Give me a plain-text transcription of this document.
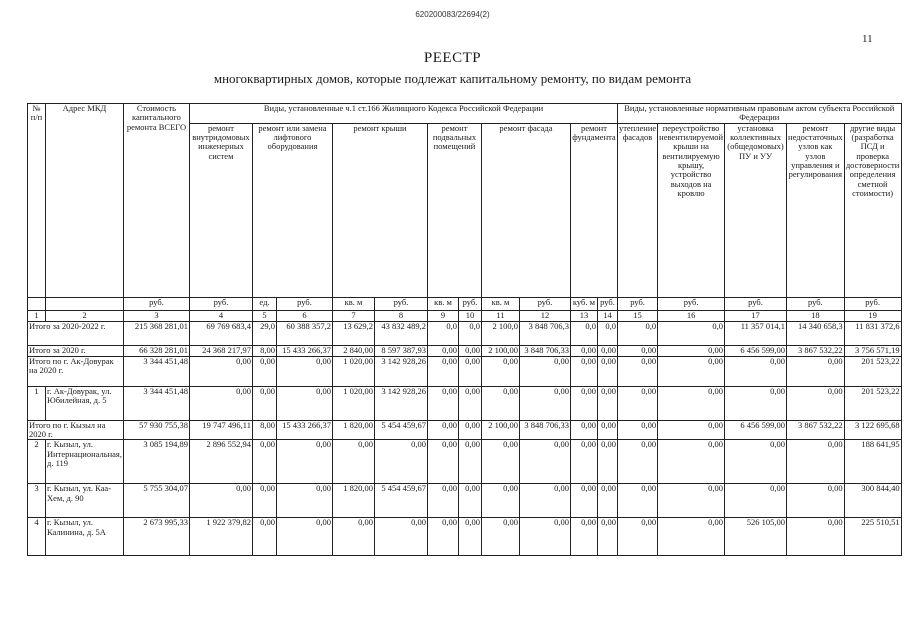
620200083/22694(2)
11
РЕЕСТР
многоквартирных домов, которые подлежат капитальному ремонту, по видам ремонта
№ п/п	Адрес МКД	Стоимость капитального ремонта ВСЕГО	Виды, установленные ч.1 ст.166 Жилищного Кодекса Российской Федерации											Виды, установленные нормативным правовым актом субъекта Российской Федерации				
			ремонт внутридомовых инженерных систем	ремонт или замена лифтового оборудования		ремонт крыши		ремонт подвальных помещений		ремонт фасада		ремонт фундамента		утепление фасадов	переустройство невентилируемой крыши на вентилируемую крышу, устройство выходов на кровлю	установка коллективных (общедомовых) ПУ и УУ	ремонт недостаточных узлов как узлов управления и регулирования	другие виды (разработка ПСД и проверка достоверности определения сметной стоимости)
		руб.	руб.	ед.	руб.	кв. м	руб.	кв. м	руб.	кв. м	руб.	куб. м	руб.	руб.	руб.	руб.	руб.	руб.
1	2	3	4	5	6	7	8	9	10	11	12	13	14	15	16	17	18	19
Итого за 2020-2022 г.		215 368 281,01	69 769 683,4	29,0	60 388 357,2	13 629,2	43 832 489,2	0,0	0,0	2 100,0	3 848 706,3	0,0	0,0	0,0	0,0	11 357 014,1	14 340 658,3	11 831 372,6
Итого за 2020 г.		66 328 281,01	24 368 217,97	8,00	15 433 266,37	2 840,00	8 597 387,93	0,00	0,00	2 100,00	3 848 706,33	0,00	0,00	0,00	0,00	6 456 599,00	3 867 532,22	3 756 571,19
Итого по г. Ак-Довурак на 2020 г.		3 344 451,48	0,00	0,00	0,00	1 020,00	3 142 928,26	0,00	0,00	0,00	0,00	0,00	0,00	0,00	0,00	0,00	0,00	201 523,22
1	г. Ак-Довурак, ул. Юбилейная, д. 5	3 344 451,48	0,00	0,00	0,00	1 020,00	3 142 928,26	0,00	0,00	0,00	0,00	0,00	0,00	0,00	0,00	0,00	0,00	201 523,22
Итого по г. Кызыл на 2020 г.		57 930 755,38	19 747 496,11	8,00	15 433 266,37	1 820,00	5 454 459,67	0,00	0,00	2 100,00	3 848 706,33	0,00	0,00	0,00	0,00	6 456 599,00	3 867 532,22	3 122 695,68
2	г. Кызыл, ул. Интернациональная, д. 119	3 085 194,89	2 896 552,94	0,00	0,00	0,00	0,00	0,00	0,00	0,00	0,00	0,00	0,00	0,00	0,00	0,00	0,00	188 641,95
3	г. Кызыл, ул. Каа-Хем, д. 90	5 755 304,07	0,00	0,00	0,00	1 820,00	5 454 459,67	0,00	0,00	0,00	0,00	0,00	0,00	0,00	0,00	0,00	0,00	300 844,40
4	г. Кызыл, ул. Калинина, д. 5А	2 673 995,33	1 922 379,82	0,00	0,00	0,00	0,00	0,00	0,00	0,00	0,00	0,00	0,00	0,00	0,00	526 105,00	0,00	225 510,51
